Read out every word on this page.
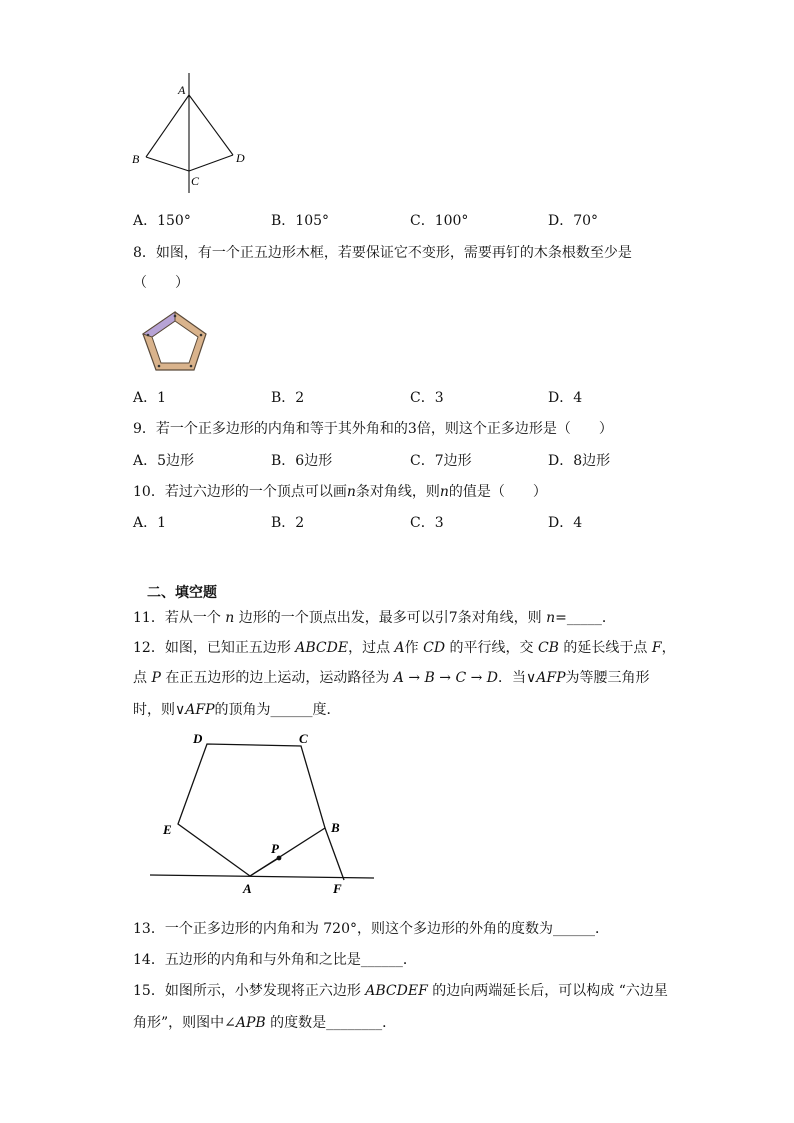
A
B
C
D
A．150°	B．105°	C．100°	D．70°
8．如图，有一个正五边形木框，若要保证它不变形，需要再钉的木条根数至少是
（　　）
A．1	B．2	C．3	D．4
9．若一个正多边形的内角和等于其外角和的3倍，则这个正多边形是（　　）
A．5边形	B．6边形	C．7边形	D．8边形
10．若过六边形的一个顶点可以画n条对角线，则n的值是（　　）
A．1	B．2	C．3	D．4
二、填空题
11．若从一个 n 边形的一个顶点出发，最多可以引7条对角线，则 n=_____．
12．如图，已知正五边形 ABCDE，过点 A作 CD 的平行线，交 CB 的延长线于点 F，
点 P 在正五边形的边上运动，运动路径为 A → B → C → D．当∨AFP为等腰三角形
时，则∨AFP的顶角为______度．
D	C
E	B
P
A	F
13．一个正多边形的内角和为 720°，则这个多边形的外角的度数为______．
14．五边形的内角和与外角和之比是______．
15．如图所示，小梦发现将正六边形 ABCDEF 的边向两端延长后，可以构成 “六边星
角形”，则图中∠APB 的度数是________．
